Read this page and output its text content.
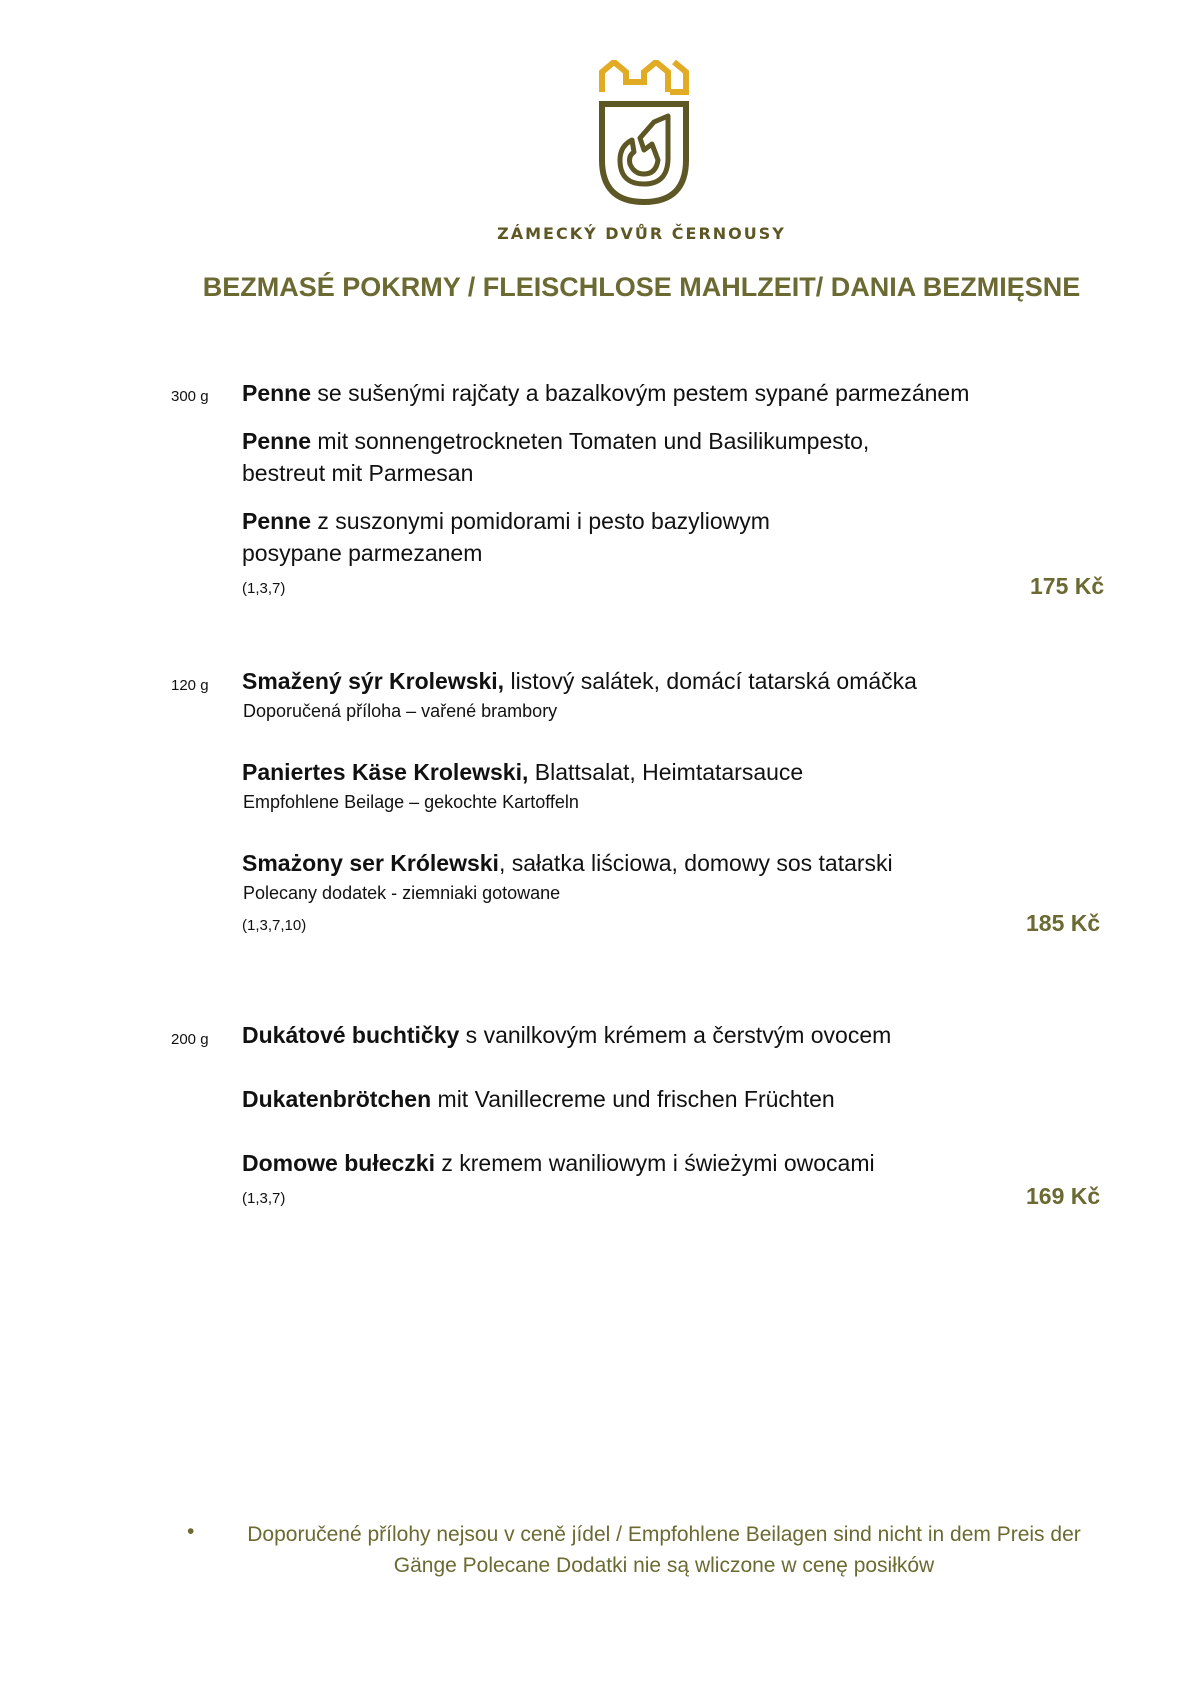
ZÁMECKÝ DVŮR ČERNOUSY
BEZMASÉ POKRMY / FLEISCHLOSE MAHLZEIT/ DANIA BEZMIĘSNE
300 g Penne se sušenými rajčaty a bazalkovým pestem sypané parmezánem
Penne mit sonnengetrockneten Tomaten und Basilikumpesto,
bestreut mit Parmesan
Penne z suszonymi pomidorami i pesto bazyliowym
posypane parmezanem
(1,3,7)	175 Kč
120 g Smažený sýr Krolewski, listový salátek, domácí tatarská omáčka
Doporučená příloha – vařené brambory
Paniertes Käse Krolewski, Blattsalat, Heimtatarsauce
Empfohlene Beilage – gekochte Kartoffeln
Smażony ser Królewski, sałatka liściowa, domowy sos tatarski
Polecany dodatek - ziemniaki gotowane
(1,3,7,10)	185 Kč
200 g Dukátové buchtičky s vanilkovým krémem a čerstvým ovocem
Dukatenbrötchen mit Vanillecreme und frischen Früchten
Domowe bułeczki z kremem waniliowym i świeżymi owocami
(1,3,7)	169 Kč
•	Doporučené přílohy nejsou v ceně jídel / Empfohlene Beilagen sind nicht in dem Preis der Gänge Polecane Dodatki nie są wliczone w cenę posiłków
